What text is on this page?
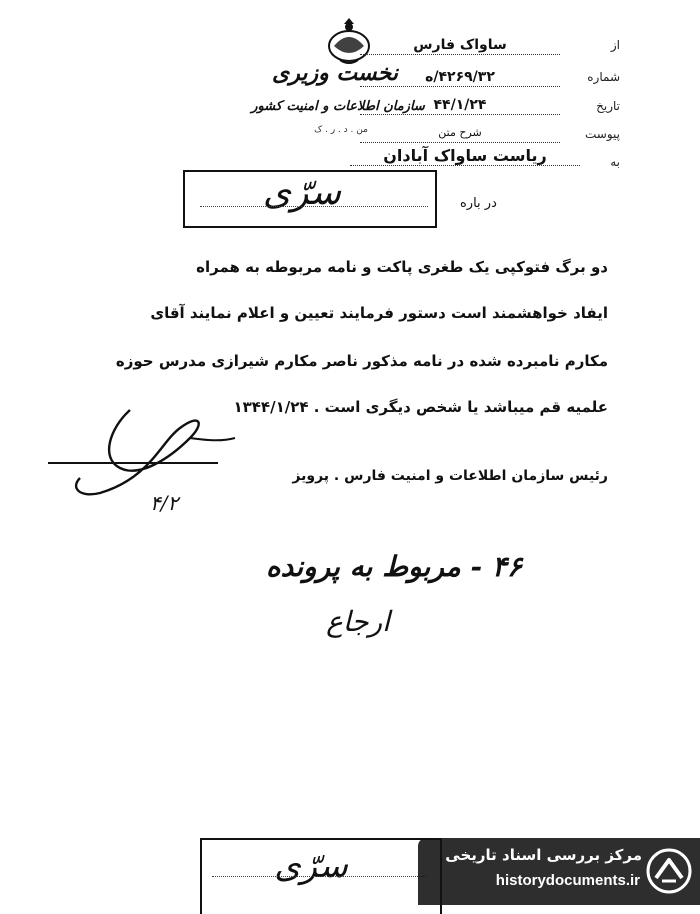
نخست وزیری
سازمان اطلاعات و امنیت کشور
من . د . ر . ک
از
ساواک فارس
شماره
۴۲۶۹/۳۲/ه
تاریخ
۴۴/۱/۲۴
پیوست
شرح متن
به
ریاست ساواک آبادان
سرّی	در باره
دو برگ فتوکپی یک طغری پاکت و نامه مربوطه به همراه
ایفاد خواهشمند است دستور فرمایند تعیین و اعلام نمایند آقای
مکارم نامبرده شده در نامه مذکور ناصر مکارم شیرازی مدرس حوزه
علمیه قم میباشد یا شخص دیگری است . ۱۳۴۴/۱/۲۴
رئیس سازمان اطلاعات و امنیت فارس . پرویز
۴/۲
۴۶ - مربوط به پرونده
ارجاع
سرّی	مرکز بررسی اسناد تاریخی
historydocuments.ir
